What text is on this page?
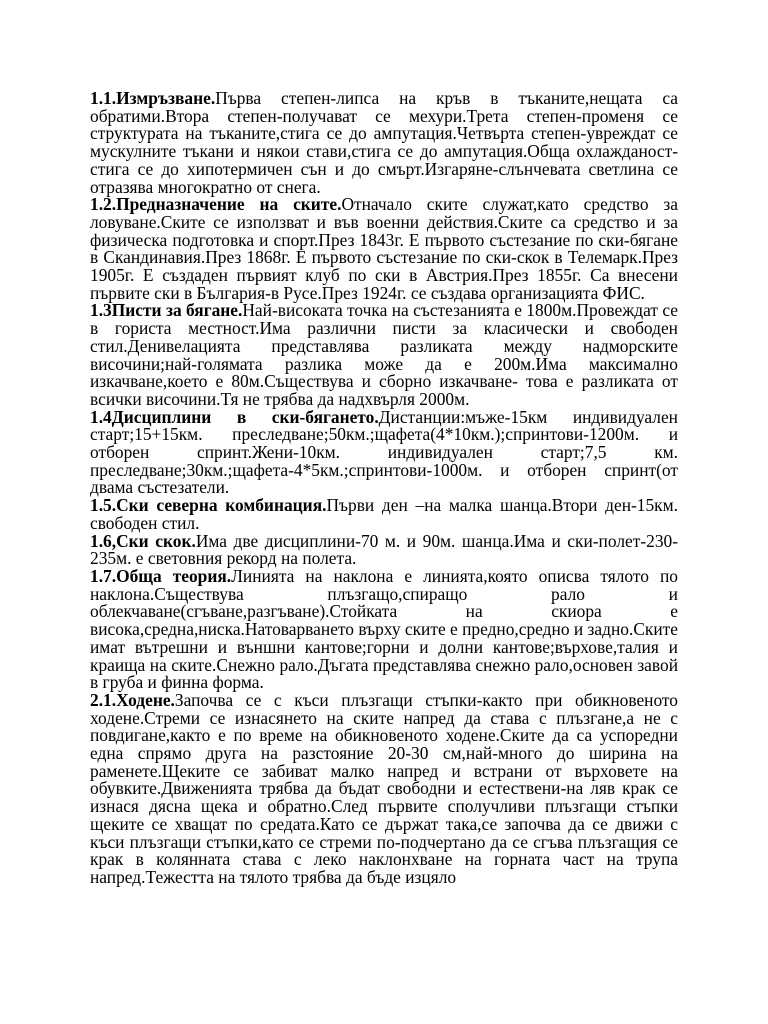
1.1.Измръзване.Първа степен-липса на кръв в тъканите,нещата са обратими.Втора степен-получават се мехури.Трета степен-променя се структурата на тъканите,стига се до ампутация.Четвърта степен-увреждат се мускулните тъкани и някои стави,стига се до ампутация.Обща охлажданост-стига се до хипотермичен сън и до смърт.Изгаряне-слънчевата светлина се отразява многократно от снега.

1.2.Предназначение на ските.Отначало ските служат,като средство за ловуване.Ските се използват и във военни действия.Ските са средство и за физическа подготовка и спорт.През 1843г. Е първото състезание по ски-бягане в Скандинавия.През 1868г. Е първото състезание по ски-скок в Телемарк.През 1905г. Е създаден първият клуб по ски в Австрия.През 1855г. Са внесени първите ски в България-в Русе.През 1924г. се създава организацията ФИС.

1.3Писти за бягане.Най-високата точка на състезанията е 1800м.Провеждат се в гориста местност.Има различни писти за класически и свободен стил.Денивелацията представлява разликата между надморските височини;най-голямата разлика може да е 200м.Има максимално изкачване,което е 80м.Съществува и сборно изкачване- това е разликата от всички височини.Тя не трябва да надхвърля 2000м.

1.4Дисциплини в ски-бягането.Дистанции:мъже-15км индивидуален старт;15+15км. преследване;50км.;щафета(4*10км.);спринтови-1200м. и отборен спринт.Жени-10км. индивидуален старт;7,5 км. преследване;30км.;щафета-4*5км.;спринтови-1000м. и отборен спринт(от двама състезатели.

1.5.Ски северна комбинация.Първи ден –на малка шанца.Втори ден-15км. свободен стил.

1.6,Ски скок.Има две дисциплини-70 м. и 90м. шанца.Има и ски-полет-230-235м. е световния рекорд на полета.

1.7.Обща теория.Линията на наклона е линията,която описва тялото по наклона.Съществува плъзгащо,спиращо рало и облекчаване(сгъване,разгъване).Стойката на скиора е висока,средна,ниска.Натоварването върху ските е предно,средно и задно.Ските имат вътрешни и външни кантове;горни и долни кантове;върхове,талия и краища на ските.Снежно рало.Дъгата представлява снежно рало,основен завой в груба и финна форма.

2.1.Ходене.Започва се с къси плъзгащи стъпки-както при обикновеното ходене.Стреми се изнасянето на ските напред да става с плъзгане,а не с повдигане,както е по време на обикновеното ходене.Ските да са успоредни една спрямо друга на разстояние 20-30 см,най-много до ширина на раменете.Щеките се забиват малко напред и встрани от върховете на обувките.Движенията трябва да бъдат свободни и естествени-на ляв крак се изнася дясна щека и обратно.След първите сполучливи плъзгащи стъпки щеките се хващат по средата.Като се държат така,се започва да се движи с къси плъзгащи стъпки,като се стреми по-подчертано да се сгъва плъзгащия се крак в колянната става с леко наклонхване на горната част на трупа напред.Тежестта на тялото трябва да бъде изцяло
